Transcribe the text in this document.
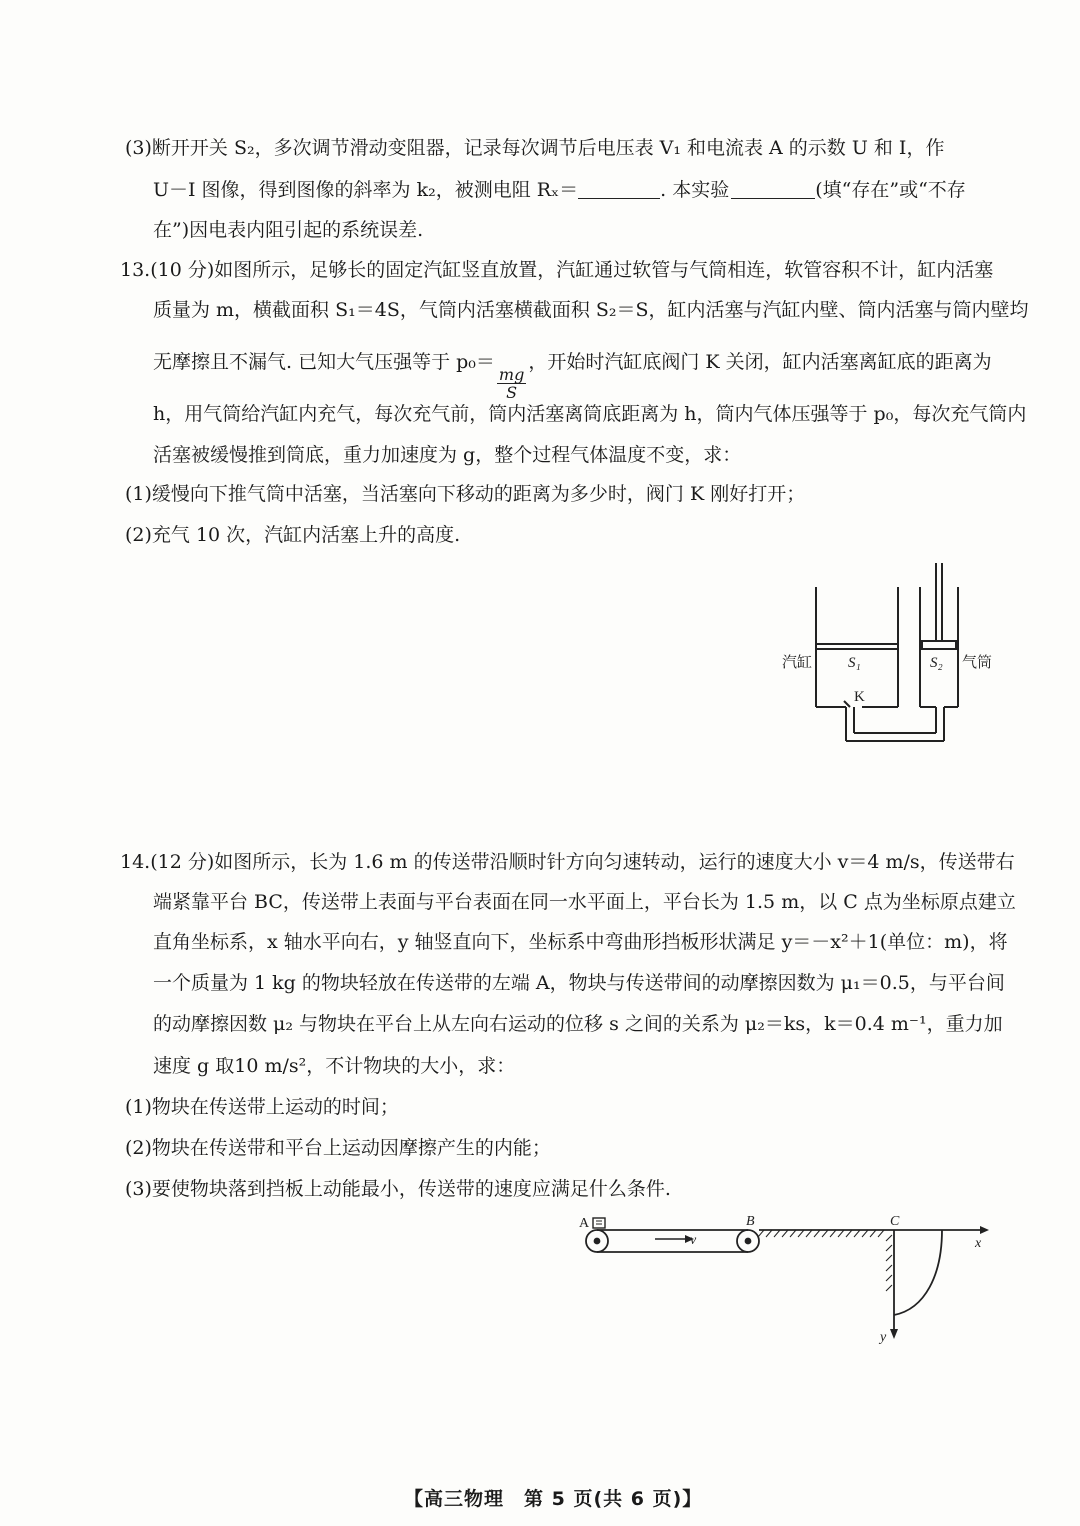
(3)断开开关 S₂，多次调节滑动变阻器，记录每次调节后电压表 V₁ 和电流表 A 的示数 U 和 I，作
U－I 图像，得到图像的斜率为 k₂，被测电阻 Rₓ＝	. 本实验	(填“存在”或“不存
在”)因电表内阻引起的系统误差.
13.(10 分)如图所示，足够长的固定汽缸竖直放置，汽缸通过软管与气筒相连，软管容积不计，缸内活塞
质量为 m，横截面积 S₁＝4S，气筒内活塞横截面积 S₂＝S，缸内活塞与汽缸内壁、筒内活塞与筒内壁均
无摩擦且不漏气. 已知大气压强等于 p₀＝
$\frac{mg}{S}$
，开始时汽缸底阀门 K 关闭，缸内活塞离缸底的距离为
h，用气筒给汽缸内充气，每次充气前，筒内活塞离筒底距离为 h，筒内气体压强等于 p₀，每次充气筒内
活塞被缓慢推到筒底，重力加速度为 g，整个过程气体温度不变，求：
(1)缓慢向下推气筒中活塞，当活塞向下移动的距离为多少时，阀门 K 刚好打开；
(2)充气 10 次，汽缸内活塞上升的高度.
汽缸 S₁
K
S₂ 气筒
14.(12 分)如图所示，长为 1.6 m 的传送带沿顺时针方向匀速转动，运行的速度大小 v＝4 m/s，传送带右
端紧靠平台 BC，传送带上表面与平台表面在同一水平面上，平台长为 1.5 m，以 C 点为坐标原点建立
直角坐标系，x 轴水平向右，y 轴竖直向下，坐标系中弯曲形挡板形状满足 y＝－x²＋1(单位：m)，将
一个质量为 1 kg 的物块轻放在传送带的左端 A，物块与传送带间的动摩擦因数为 μ₁＝0.5，与平台间
的动摩擦因数 μ₂ 与物块在平台上从左向右运动的位移 s 之间的关系为 μ₂＝ks，k＝0.4 m⁻¹，重力加
速度 g 取10 m/s²，不计物块的大小，求：
(1)物块在传送带上运动的时间；
(2)物块在传送带和平台上运动因摩擦产生的内能；
(3)要使物块落到挡板上动能最小，传送带的速度应满足什么条件.
A	B
v
C
x
y
【高三物理　第 5 页(共 6 页)】
